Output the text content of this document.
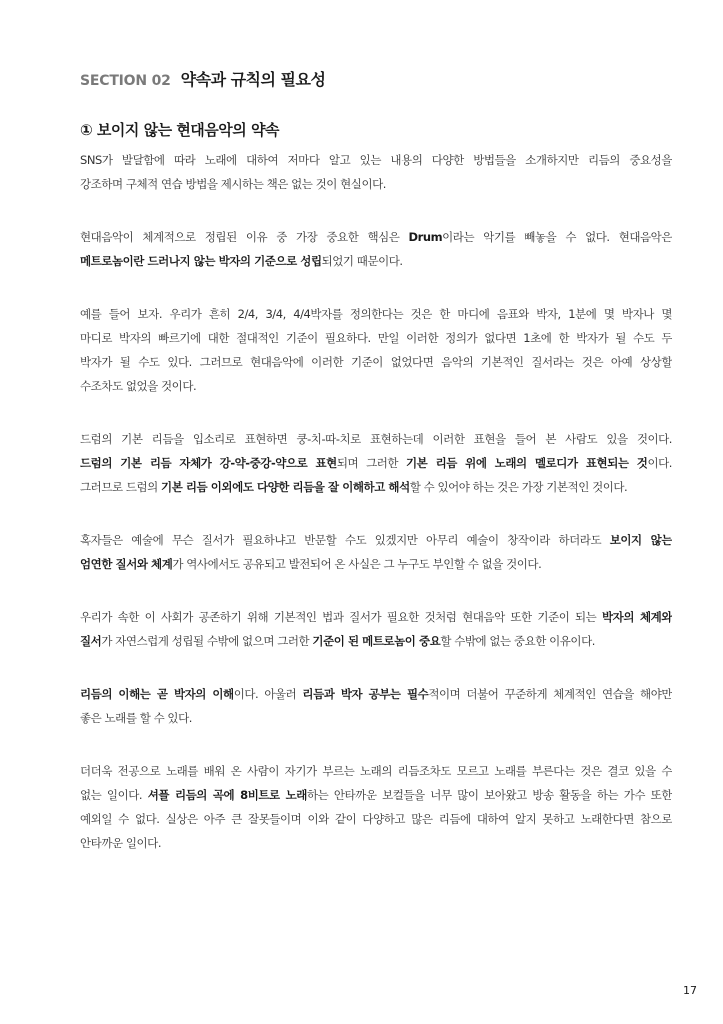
SECTION 02 약속과 규칙의 필요성
① 보이지 않는 현대음악의 약속
SNS가 발달함에 따라 노래에 대하여 저마다 알고 있는 내용의 다양한 방법들을 소개하지만 리듬의 중요성을
강조하며 구체적 연습 방법을 제시하는 책은 없는 것이 현실이다.
현대음악이 체계적으로 정립된 이유 중 가장 중요한 핵심은 Drum이라는 악기를 빼놓을 수 없다. 현대음악은
메트로놈이란 드러나지 않는 박자의 기준으로 성립되었기 때문이다.
예를 들어 보자. 우리가 흔히 2/4, 3/4, 4/4박자를 정의한다는 것은 한 마디에 음표와 박자, 1분에 몇 박자나 몇
마디로 박자의 빠르기에 대한 절대적인 기준이 필요하다. 만일 이러한 정의가 없다면 1초에 한 박자가 될 수도 두
박자가 될 수도 있다. 그러므로 현대음악에 이러한 기준이 없었다면 음악의 기본적인 질서라는 것은 아예 상상할
수조차도 없었을 것이다.
드럼의 기본 리듬을 입소리로 표현하면 쿵-치-따-치로 표현하는데 이러한 표현을 들어 본 사람도 있을 것이다.
드럼의 기본 리듬 자체가 강-약-중강-약으로 표현되며 그러한 기본 리듬 위에 노래의 멜로디가 표현되는 것이다.
그러므로 드럼의 기본 리듬 이외에도 다양한 리듬을 잘 이해하고 해석할 수 있어야 하는 것은 가장 기본적인 것이다.
혹자들은 예술에 무슨 질서가 필요하냐고 반문할 수도 있겠지만 아무리 예술이 창작이라 하더라도 보이지 않는
엄연한 질서와 체계가 역사에서도 공유되고 발전되어 온 사실은 그 누구도 부인할 수 없을 것이다.
우리가 속한 이 사회가 공존하기 위해 기본적인 법과 질서가 필요한 것처럼 현대음악 또한 기준이 되는 박자의 체계와
질서가 자연스럽게 성립될 수밖에 없으며 그러한 기준이 된 메트로놈이 중요할 수밖에 없는 중요한 이유이다.
리듬의 이해는 곧 박자의 이해이다. 아울러 리듬과 박자 공부는 필수적이며 더불어 꾸준하게 체계적인 연습을 해야만
좋은 노래를 할 수 있다.
더더욱 전공으로 노래를 배워 온 사람이 자기가 부르는 노래의 리듬조차도 모르고 노래를 부른다는 것은 결코 있을 수
없는 일이다. 셔플 리듬의 곡에 8비트로 노래하는 안타까운 보컬들을 너무 많이 보아왔고 방송 활동을 하는 가수 또한
예외일 수 없다. 실상은 아주 큰 잘못들이며 이와 같이 다양하고 많은 리듬에 대하여 알지 못하고 노래한다면 참으로
안타까운 일이다.
17
